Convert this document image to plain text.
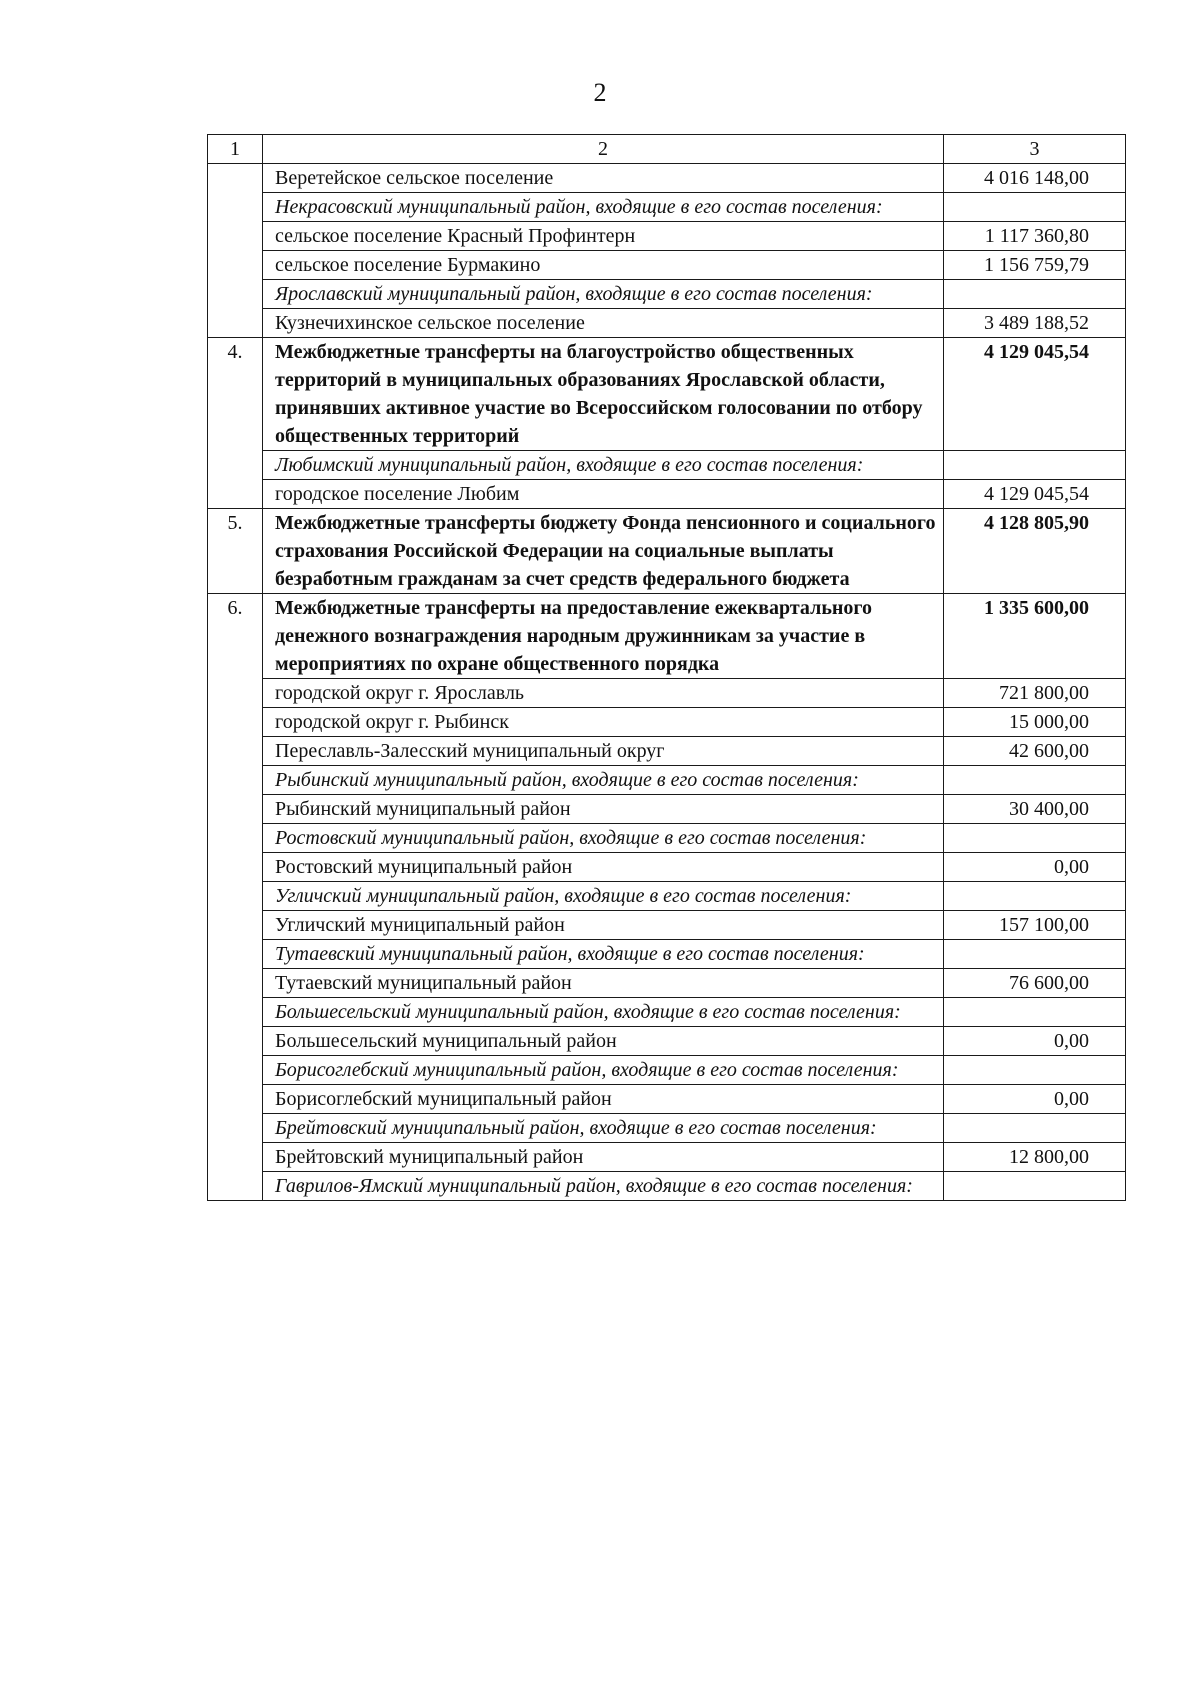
2
1	2	3
	Веретейское сельское поселение	4 016 148,00
	Некрасовский муниципальный район, входящие в его состав поселения:	
	сельское поселение Красный Профинтерн	1 117 360,80
	сельское поселение Бурмакино	1 156 759,79
	Ярославский муниципальный район, входящие в его состав поселения:	
	Кузнечихинское сельское поселение	3 489 188,52
4.	Межбюджетные трансферты на благоустройство общественных территорий в муниципальных образованиях Ярославской области, принявших активное участие во Всероссийском голосовании по отбору общественных территорий	4 129 045,54
	Любимский муниципальный район, входящие в его состав поселения:	
	городское поселение Любим	4 129 045,54
5.	Межбюджетные трансферты бюджету Фонда пенсионного и социального страхования Российской Федерации на социальные выплаты безработным гражданам за счет средств федерального бюджета	4 128 805,90
6.	Межбюджетные трансферты на предоставление ежеквартального денежного вознаграждения народным дружинникам за участие в мероприятиях по охране общественного порядка	1 335 600,00
	городской округ г. Ярославль	721 800,00
	городской округ г. Рыбинск	15 000,00
	Переславль-Залесский муниципальный округ	42 600,00
	Рыбинский муниципальный район, входящие в его состав поселения:	
	Рыбинский муниципальный район	30 400,00
	Ростовский муниципальный район, входящие в его состав поселения:	
	Ростовский муниципальный район	0,00
	Угличский муниципальный район, входящие в его состав поселения:	
	Угличский муниципальный район	157 100,00
	Тутаевский муниципальный район, входящие в его состав поселения:	
	Тутаевский муниципальный район	76 600,00
	Большесельский муниципальный район, входящие в его состав поселения:	
	Большесельский муниципальный район	0,00
	Борисоглебский муниципальный район, входящие в его состав поселения:	
	Борисоглебский муниципальный район	0,00
	Брейтовский муниципальный район, входящие в его состав поселения:	
	Брейтовский муниципальный район	12 800,00
	Гаврилов-Ямский муниципальный район, входящие в его состав поселения:	
